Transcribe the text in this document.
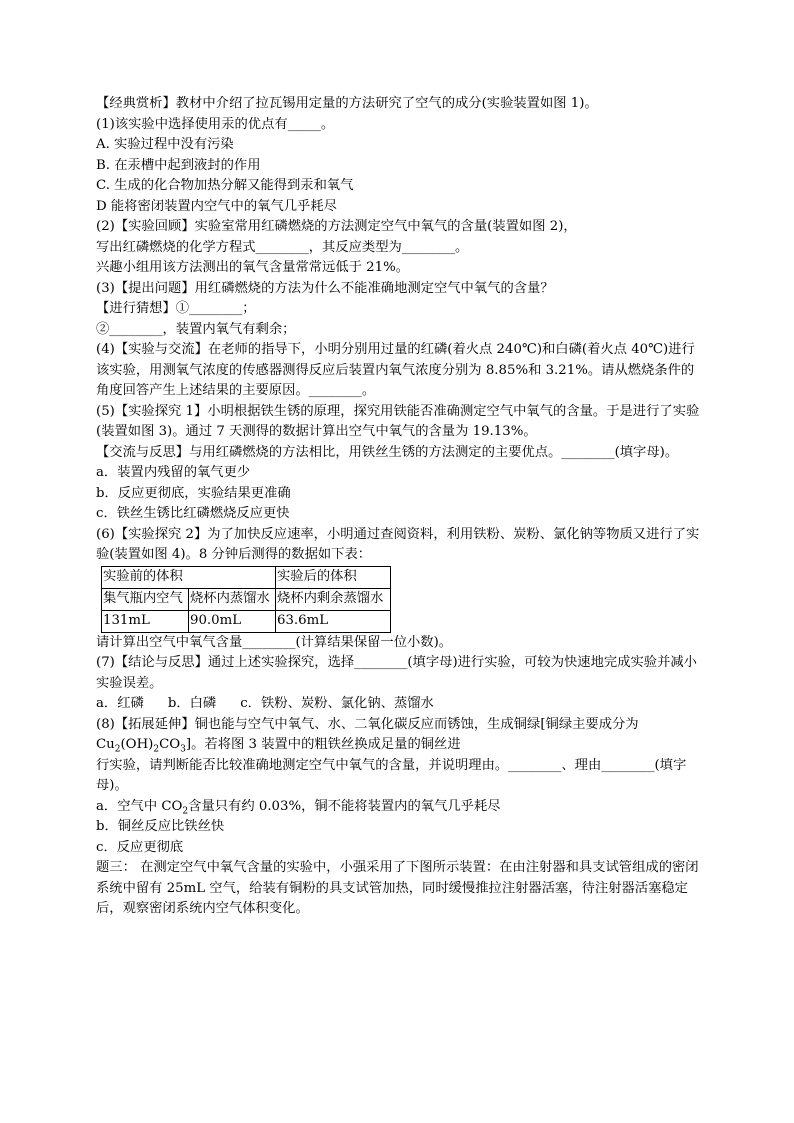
【经典赏析】教材中介绍了拉瓦锡用定量的方法研究了空气的成分(实验装置如图 1)。
(1)该实验中选择使用汞的优点有_____。
A. 实验过程中没有污染
B. 在汞槽中起到液封的作用
C. 生成的化合物加热分解又能得到汞和氧气
D 能将密闭装置内空气中的氧气几乎耗尽
(2)【实验回顾】实验室常用红磷燃烧的方法测定空气中氧气的含量(装置如图 2)，
写出红磷燃烧的化学方程式________，其反应类型为________。
兴趣小组用该方法测出的氧气含量常常远低于 21%。
(3)【提出问题】用红磷燃烧的方法为什么不能准确地测定空气中氧气的含量？
【进行猜想】①________；
②________，装置内氧气有剩余；
(4)【实验与交流】在老师的指导下，小明分别用过量的红磷(着火点 240℃)和白磷(着火点 40℃)进行该实验，用测氧气浓度的传感器测得反应后装置内氧气浓度分别为 8.85%和 3.21%。请从燃烧条件的角度回答产生上述结果的主要原因。________。
(5)【实验探究 1】小明根据铁生锈的原理，探究用铁能否准确测定空气中氧气的含量。于是进行了实验(装置如图 3)。通过 7 天测得的数据计算出空气中氧气的含量为 19.13%。
【交流与反思】与用红磷燃烧的方法相比，用铁丝生锈的方法测定的主要优点。________(填字母)。
a．装置内残留的氧气更少
b．反应更彻底，实验结果更准确
c．铁丝生锈比红磷燃烧反应更快
(6)【实验探究 2】为了加快反应速率，小明通过查阅资料，利用铁粉、炭粉、氯化钠等物质又进行了实验(装置如图 4)。8 分钟后测得的数据如下表：
实验前的体积		实验后的体积
集气瓶内空气	烧杯内蒸馏水	烧杯内剩余蒸馏水
131mL	90.0mL	63.6mL
请计算出空气中氧气含量________(计算结果保留一位小数)。
(7)【结论与反思】通过上述实验探究，选择________(填字母)进行实验，可较为快速地完成实验并减小实验误差。
a．红磷 b．白磷 c．铁粉、炭粉、氯化钠、蒸馏水
(8)【拓展延伸】铜也能与空气中氧气、水、二氧化碳反应而锈蚀，生成铜绿[铜绿主要成分为
$Cu_2(OH)_2CO_3$]。若将图 3 装置中的粗铁丝换成足量的铜丝进
行实验，请判断能否比较准确地测定空气中氧气的含量，并说明理由。________、理由________(填字母)。
a．空气中 $CO_2$含量只有约 0.03%，铜不能将装置内的氧气几乎耗尽
b．铜丝反应比铁丝快
c．反应更彻底
题三： 在测定空气中氧气含量的实验中，小强采用了下图所示装置：在由注射器和具支试管组成的密闭系统中留有 25mL 空气，给装有铜粉的具支试管加热，同时缓慢推拉注射器活塞，待注射器活塞稳定后，观察密闭系统内空气体积变化。
